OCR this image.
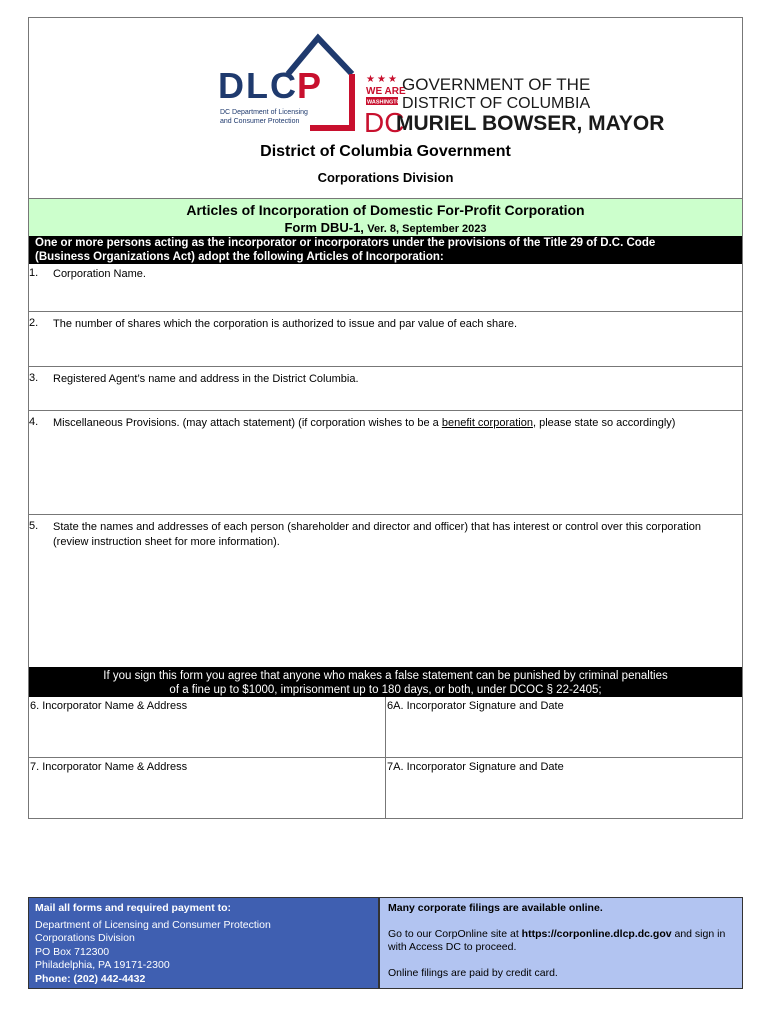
D L C P
DC Department of Licensing
and Consumer Protection
★ ★ ★
WE ARE
WASHINGTON
DC
GOVERNMENT OF THE
DISTRICT OF COLUMBIA
MURIEL BOWSER, MAYOR
District of Columbia Government
Corporations Division
Articles of Incorporation of Domestic For-Profit Corporation
Form DBU-1, Ver. 8, September 2023
One or more persons acting as the incorporator or incorporators under the provisions of the Title 29 of D.C. Code
(Business Organizations Act) adopt the following Articles of Incorporation:
1. Corporation Name.
2. The number of shares which the corporation is authorized to issue and par value of each share.
3. Registered Agent’s name and address in the District Columbia.
4. Miscellaneous Provisions. (may attach statement) (if corporation wishes to be a benefit corporation, please state so accordingly)
5. State the names and addresses of each person (shareholder and director and officer) that has interest or control over this corporation (review instruction sheet for more information).
If you sign this form you agree that anyone who makes a false statement can be punished by criminal penalties
of a fine up to $1000, imprisonment up to 180 days, or both, under DCOC § 22-2405;
6. Incorporator Name & Address	6A. Incorporator Signature and Date
7. Incorporator Name & Address	7A. Incorporator Signature and Date
Mail all forms and required payment to:
Department of Licensing and Consumer Protection
Corporations Division
PO Box 712300
Philadelphia, PA 19171-2300
Phone: (202) 442-4432
Many corporate filings are available online.
Go to our CorpOnline site at https://corponline.dlcp.dc.gov and sign in with Access DC to proceed.
Online filings are paid by credit card.
